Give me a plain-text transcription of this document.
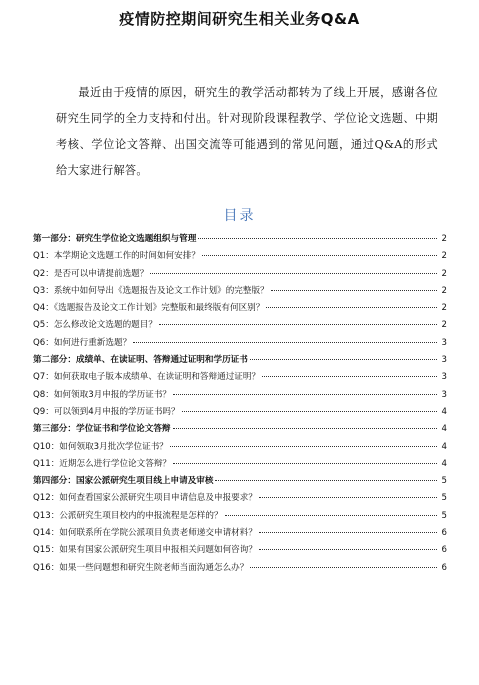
疫情防控期间研究生相关业务Q&A

最近由于疫情的原因，研究生的教学活动都转为了线上开展，感谢各位研究生同学的全力支持和付出。针对现阶段课程教学、学位论文选题、中期考核、学位论文答辩、出国交流等可能遇到的常见问题，通过Q&A的形式给大家进行解答。

目录
第一部分：研究生学位论文选题组织与管理	2
Q1：本学期论文选题工作的时间如何安排？	2
Q2：是否可以申请提前选题？	2
Q3：系统中如何导出《选题报告及论文工作计划》的完整版？	2
Q4：《选题报告及论文工作计划》完整版和最终版有何区别？	2
Q5：怎么修改论文选题的题目？	2
Q6：如何进行重新选题？	3
第二部分：成绩单、在读证明、答辩通过证明和学历证书	3
Q7：如何获取电子版本成绩单、在读证明和答辩通过证明？	3
Q8：如何领取3月申报的学历证书？	3
Q9：可以领到4月申报的学历证书吗？	4
第三部分：学位证书和学位论文答辩	4
Q10：如何领取3月批次学位证书？	4
Q11：近期怎么进行学位论文答辩？	4
第四部分：国家公派研究生项目线上申请及审核	5
Q12：如何查看国家公派研究生项目申请信息及申报要求？	5
Q13：公派研究生项目校内的申报流程是怎样的？	5
Q14：如何联系所在学院公派项目负责老师递交申请材料？	6
Q15：如果有国家公派研究生项目申报相关问题如何咨询？	6
Q16：如果一些问题想和研究生院老师当面沟通怎么办？	6
